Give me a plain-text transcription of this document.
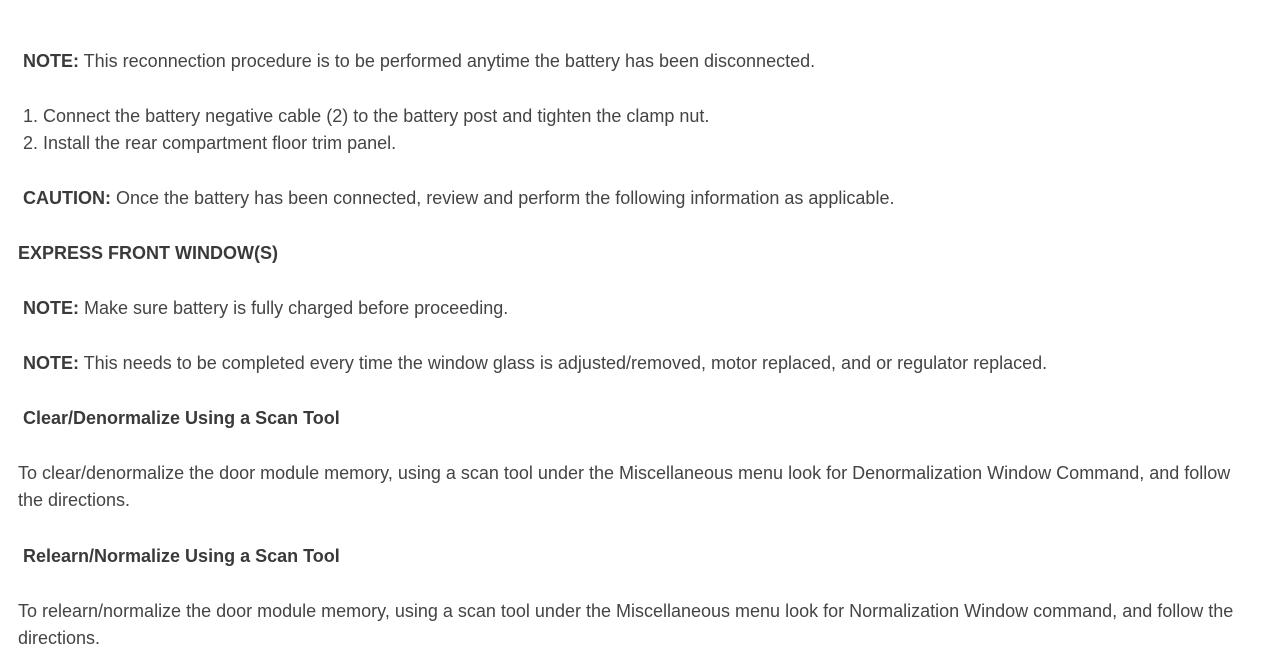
NOTE: This reconnection procedure is to be performed anytime the battery has been disconnected.
1. Connect the battery negative cable (2) to the battery post and tighten the clamp nut.
2. Install the rear compartment floor trim panel.
CAUTION: Once the battery has been connected, review and perform the following information as applicable.
EXPRESS FRONT WINDOW(S)
NOTE: Make sure battery is fully charged before proceeding.
NOTE: This needs to be completed every time the window glass is adjusted/removed, motor replaced, and or regulator replaced.
Clear/Denormalize Using a Scan Tool
To clear/denormalize the door module memory, using a scan tool under the Miscellaneous menu look for Denormalization Window Command, and follow the directions.
Relearn/Normalize Using a Scan Tool
To relearn/normalize the door module memory, using a scan tool under the Miscellaneous menu look for Normalization Window command, and follow the directions.
